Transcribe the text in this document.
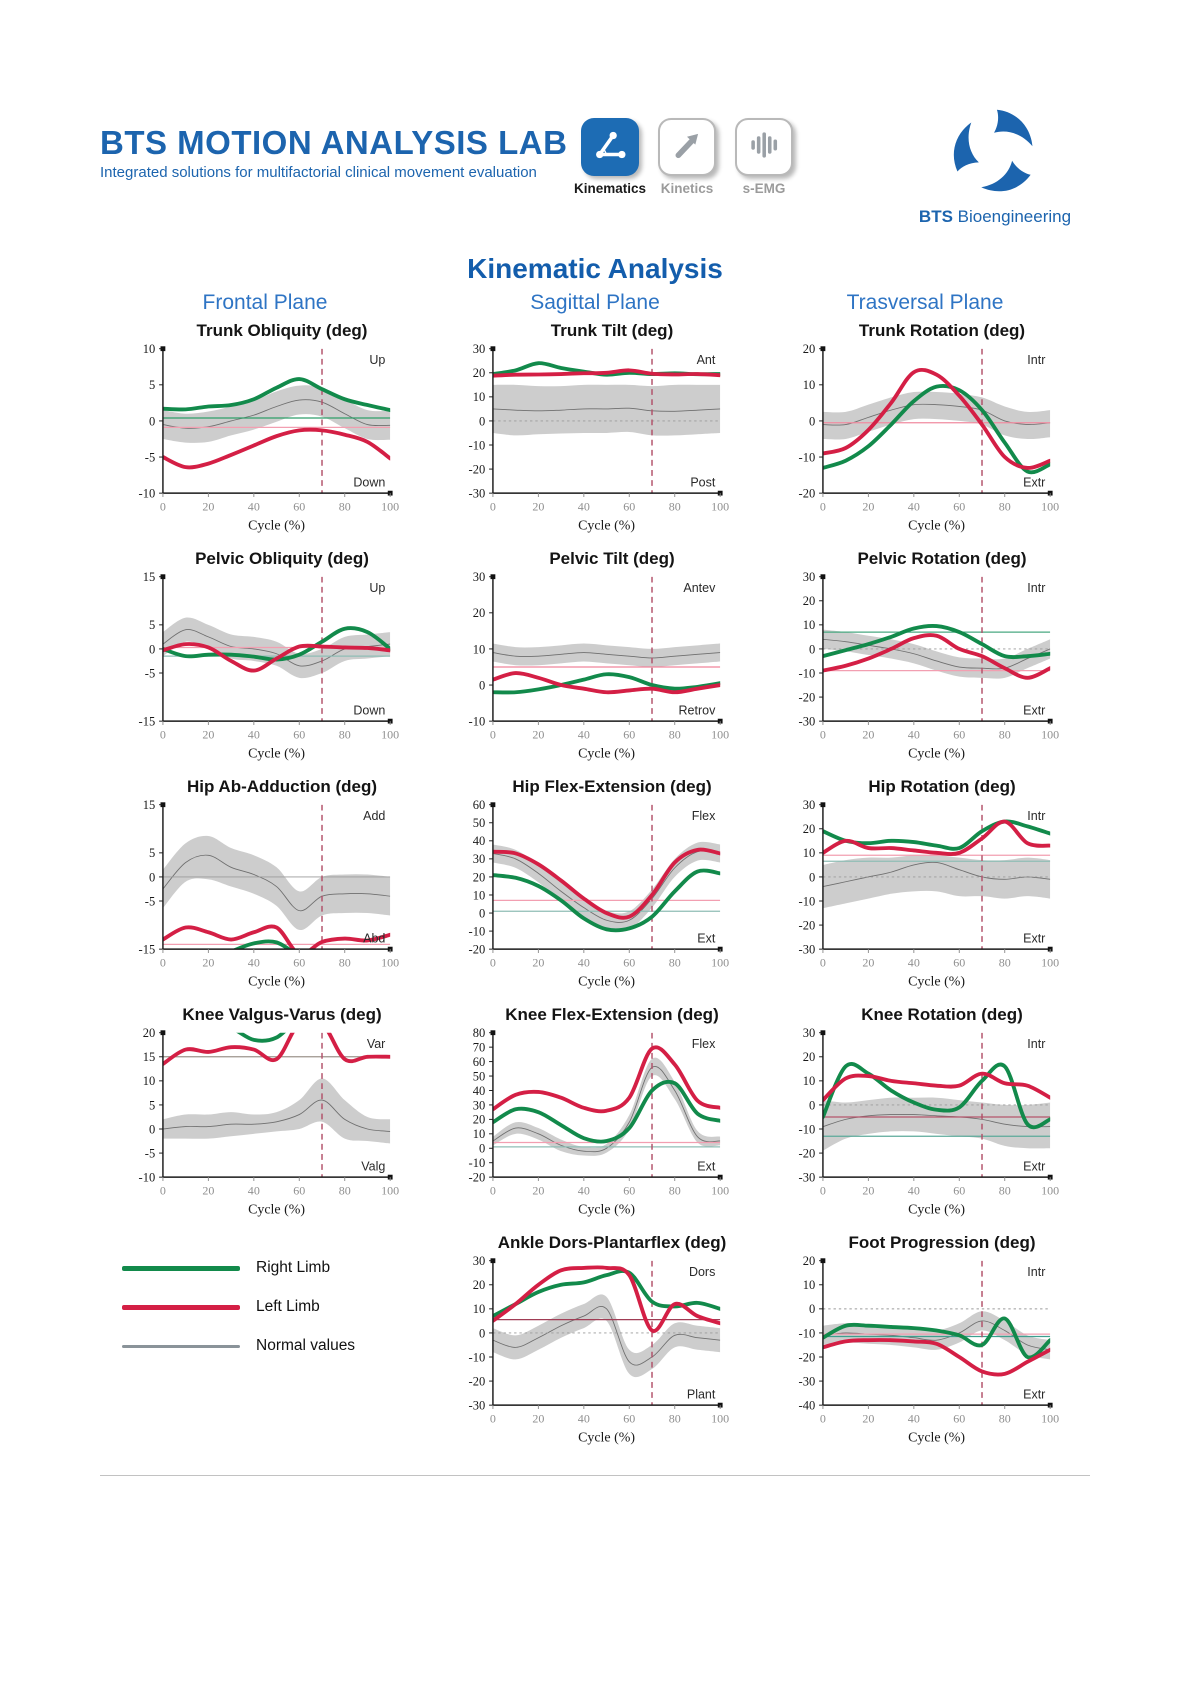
BTS MOTION ANALYSIS LAB
Integrated solutions for multifactorial clinical movement evaluation
Kinematics Kinetics s-EMG
BTS Bioengineering
Kinematic Analysis
Frontal Plane	Sagittal Plane	Trasversal Plane
Right Limb
Left Limb
Normal values
Trunk Obliquity (deg)
10
5
0
-5
-10
0	20	40	60	80 100
Cycle (%)
Up
Down
Trunk Tilt (deg)
30
20
10
0
-10
-20
-30
0	20	40	60	80 100
Cycle (%)
Ant
Post
Trunk Rotation (deg)
20
10
0
-10
-20
0	20	40	60	80 100
Cycle (%)
Intr
Extr
Pelvic Obliquity (deg)
15
5
0
-5
-15
0	20	40	60	80 100
Cycle (%)
Up
Down
Pelvic Tilt (deg)
30
20
10
0
-10
0	20	40	60	80 100
Cycle (%)
Antev
Retrov
Pelvic Rotation (deg)
30
20
10
0
-10
-20
-30
0	20	40	60	80 100
Cycle (%)
Intr
Extr
Hip Ab-Adduction (deg)
15
5
0
-5
-15
0	20	40	60	80 100
Cycle (%)
Add
Abd
Hip Flex-Extension (deg)
60
50
40
30
20
10
0
-10
-20
0	20	40	60	80 100
Cycle (%)
Flex
Ext
Hip Rotation (deg)
30
20
10
0
-10
-20
-30
0	20	40	60	80 100
Cycle (%)
Intr
Extr
Knee Valgus-Varus (deg)
20
15
10
5
0
-5
-10
0	20	40	60	80 100
Cycle (%)
Var
Valg
Knee Flex-Extension (deg)
80
70
60
50
40
30
20
10
0
-10
-20
0	20	40	60	80 100
Cycle (%)
Flex
Ext
Knee Rotation (deg)
30
20
10
0
-10
-20
-30
0	20	40	60	80 100
Cycle (%)
Intr
Extr
Ankle Dors-Plantarflex (deg)
30
20
10
0
-10
-20
-30
0	20	40	60	80 100
Cycle (%)
Dors
Plant
Foot Progression (deg)
20
10
0
-10
-20
-30
-40
0	20	40	60	80 100
Cycle (%)
Intr
Extr
